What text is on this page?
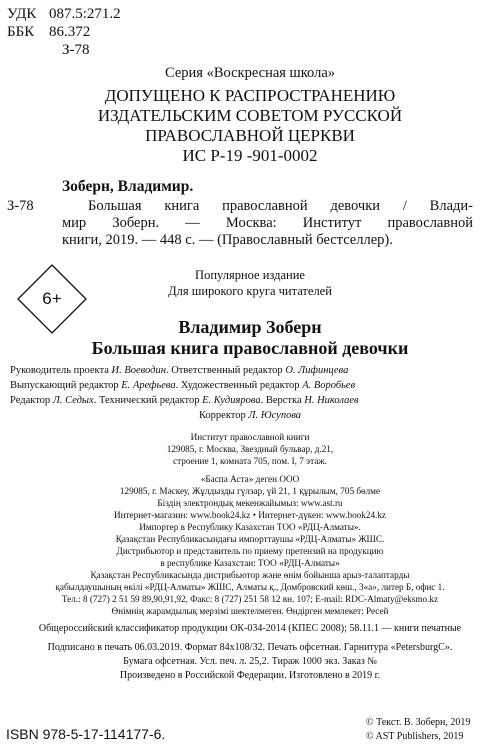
УДК 087.5:271.2
ББК 86.372
З-78
Серия «Воскресная школа»
ДОПУЩЕНО К РАСПРОСТРАНЕНИЮ
ИЗДАТЕЛЬСКИМ СОВЕТОМ РУССКОЙ
ПРАВОСЛАВНОЙ ЦЕРКВИ
ИС Р-19 -901-0002
Зоберн, Владимир.
З-78	Большая книга православной девочки / Влади-
мир Зоберн. — Москва: Институт православной
книги, 2019. — 448 с. — (Православный бестселлер).
6+
Популярное издание
Для широкого круга читателей
Владимир Зоберн
Большая книга православной девочки
Руководитель проекта И. Воеводин. Ответственный редактор О. Лифинцева
Выпускающий редактор Е. Арефьева. Художественный редактор А. Воробьев
Редактор Л. Седых. Технический редактор Е. Кудиярова. Верстка Н. Николаев
Корректор Л. Юсупова
Институт православной книги
129085, г. Москва, Звездный бульвар, д.21,
строение 1, комната 705, пом. I, 7 этаж.
«Баспа Аста» деген ООО
129085, г. Мәскеу, Жұлдызды гүлзар, үй 21, 1 құрылым, 705 бөлме
Біздің электрондық мекенжайымыз: www.ast.ru
Интернет-магазин: www.book24.kz • Интернет-дүкен: www.book24.kz
Импортер в Республику Казахстан ТОО «РДЦ-Алматы».
Қазақстан Республикасындағы импорттаушы «РДЦ-Алматы» ЖШС.
Дистрибьютор и представитель по приему претензий на продукцию
в республике Казахстан: ТОО «РДЦ-Алматы»
Қазақстан Республикасында дистрибьютор және өнім бойынша арыз-талаптарды
қабылдаушының өкілі «РДЦ-Алматы» ЖШС, Алматы қ., Домбровский көш., 3«а», литер Б, офис 1.
Тел.: 8 (727) 2 51 59 89,90,91,92, Факс: 8 (727) 251 58 12 вн. 107; E-mail: RDC-Almaty@eksmo.kz
Өнімнің жарамдылық мерзімі шектелмеген. Өндірген мемлекет: Ресей
Общероссийский классификатор продукции ОК-034-2014 (КПЕС 2008); 58.11.1 — книги печатные
Подписано в печать 06.03.2019. Формат 84x108/32. Печать офсетная. Гарнитура «PetersburgC».
Бумага офсетная. Усл. печ. л. 25,2. Тираж 1000 экз. Заказ №
Произведено в Российской Федерации. Изготовлено в 2019 г.
ISBN 978-5-17-114177-6.
© Текст. В. Зоберн, 2019
© AST Publishers, 2019
